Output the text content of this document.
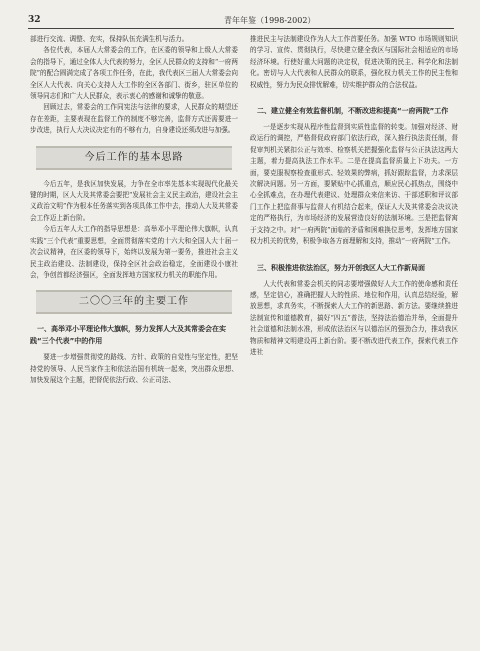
32	青年年鉴（1998-2002）

部进行交流、调整、充实，保持队伍充满生机与活力。

各位代表，本届人大常委会的工作，在区委的领导和上级人大常委会的指导下，通过全体人大代表的努力，全区人民群众的支持和“一府两院”的配合圆满完成了各项工作任务，在此，我代表区三届人大常委会向全区人大代表、向关心支持人大工作的全区各部门、街乡，驻区单位的领导同志们和广大人民群众，表示衷心的感谢和诚挚的敬意。

回顾过去，常委会的工作同宪法与法律的要求，人民群众的期望还存在差距，主要表现在监督工作的制度不够完善，监督方式还需要进一步改进，执行人大决议决定有的不够有力，自身建设还须改进与加强。

今后工作的基本思路

今后五年，是我区加快发展，力争在全市率先基本实现现代化最关键的时期，区人大及其常委会要把“发展社会主义民主政治，建设社会主义政治文明”作为根本任务落实到各项具体工作中去，推动人大及其常委会工作迈上新台阶。

今后五年人大工作的指导思想是：高举邓小平理论伟大旗帜，认真实践“三个代表”重要思想，全面贯彻落实党的十六大和全国人大十届一次会议精神，在区委的领导下，始终以发展为第一要务，推进社会主义民主政治建设、法制建设，保持全区社会政治稳定，全面建设小康社会，争创首都经济强区，全面发挥地方国家权力机关的职能作用。

二〇〇三年的主要工作
一、高举邓小平理论伟大旗帜，努力发挥人大及其常委会在实践“三个代表”中的作用

要进一步增强贯彻党的路线、方针、政策的自觉性与坚定性，把坚持党的领导、人民当家作主和依法治国有机统一起来，突出群众思想、加快发展这个主题，把督促依法行政、公正司法、

推进民主与法制建设作为人大工作首要任务。加强 WTO 市场规则知识的学习、宣传、贯彻执行，尽快建立健全我区与国际社会相适应的市场经济环境。行使好重大问题的决定权，促进决策的民主、科学化和法制化。密切与人大代表和人民群众的联系，强化权力机关工作的民主性和权威性，努力为民众排忧解难，切实维护群众的合法权益。

二、建立健全有效监督机制，不断改进和提高“一府两院”工作

一是逐步实现从程序性监督到实质性监督的转变。加强对经济、财政运行的调控，严格督促政府部门依法行政，深入推行执法责任制，督促审判机关紧扣公正与效率、检察机关把握强化监督与公正执法这两大主题，着力提高执法工作水平。二是在提高监督质量上下功夫。一方面，要克服视察检查重形式、轻效果的弊病，抓好跟踪监督，力求深层次解决问题。另一方面，要紧贴中心抓重点，顺应民心抓热点，围绕中心全抓难点，在办理代表建议、处理群众来信来访、干部述职和评议部门工作上把监督事与监督人有机结合起来，保证人大及其常委会决议决定的严格执行，为市场经济的发展营造良好的法制环境。三是把监督寓于支持之中。对“一府两院”面临的矛盾和困难换位思考，发挥地方国家权力机关的优势，积极争取各方面理解和支持，推动“一府两院”工作。

三、积极推进依法治区，努力开创我区人大工作新局面

人大代表和常委会机关的同志要增强做好人大工作的使命感和责任感，坚定信心，准确把握人大的性质、地位和作用，认真总结经验，解放思想，求真务实，不断探索人大工作的新思路、新方法。要继续推进法制宣传和道德教育，搞好“四五”普法，坚持法治德治并举，全面提升社会道德和法制水准，形成依法治区与以德治区的强劲合力，推动我区物质和精神文明建设再上新台阶。要不断改进代表工作，探索代表工作进社
